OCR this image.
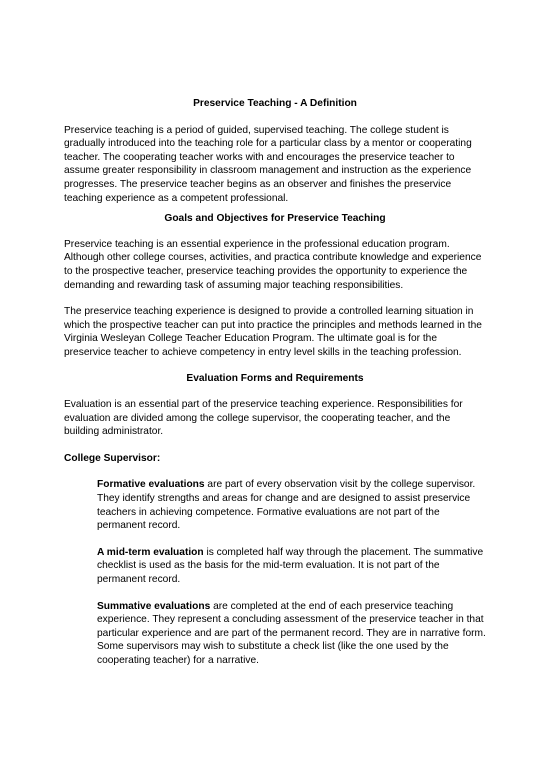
Preservice Teaching - A Definition

Preservice teaching is a period of guided, supervised teaching. The college student is gradually introduced into the teaching role for a particular class by a mentor or cooperating teacher. The cooperating teacher works with and encourages the preservice teacher to assume greater responsibility in classroom management and instruction as the experience progresses. The preservice teacher begins as an observer and finishes the preservice teaching experience as a competent professional.

Goals and Objectives for Preservice Teaching

Preservice teaching is an essential experience in the professional education program. Although other college courses, activities, and practica contribute knowledge and experience to the prospective teacher, preservice teaching provides the opportunity to experience the demanding and rewarding task of assuming major teaching responsibilities.

The preservice teaching experience is designed to provide a controlled learning situation in which the prospective teacher can put into practice the principles and methods learned in the Virginia Wesleyan College Teacher Education Program. The ultimate goal is for the preservice teacher to achieve competency in entry level skills in the teaching profession.

Evaluation Forms and Requirements

Evaluation is an essential part of the preservice teaching experience. Responsibilities for evaluation are divided among the college supervisor, the cooperating teacher, and the building administrator.

College Supervisor:

Formative evaluations are part of every observation visit by the college supervisor. They identify strengths and areas for change and are designed to assist preservice teachers in achieving competence. Formative evaluations are not part of the permanent record.

A mid-term evaluation is completed half way through the placement. The summative checklist is used as the basis for the mid-term evaluation. It is not part of the permanent record.

Summative evaluations are completed at the end of each preservice teaching experience. They represent a concluding assessment of the preservice teacher in that particular experience and are part of the permanent record. They are in narrative form. Some supervisors may wish to substitute a check list (like the one used by the cooperating teacher) for a narrative.
